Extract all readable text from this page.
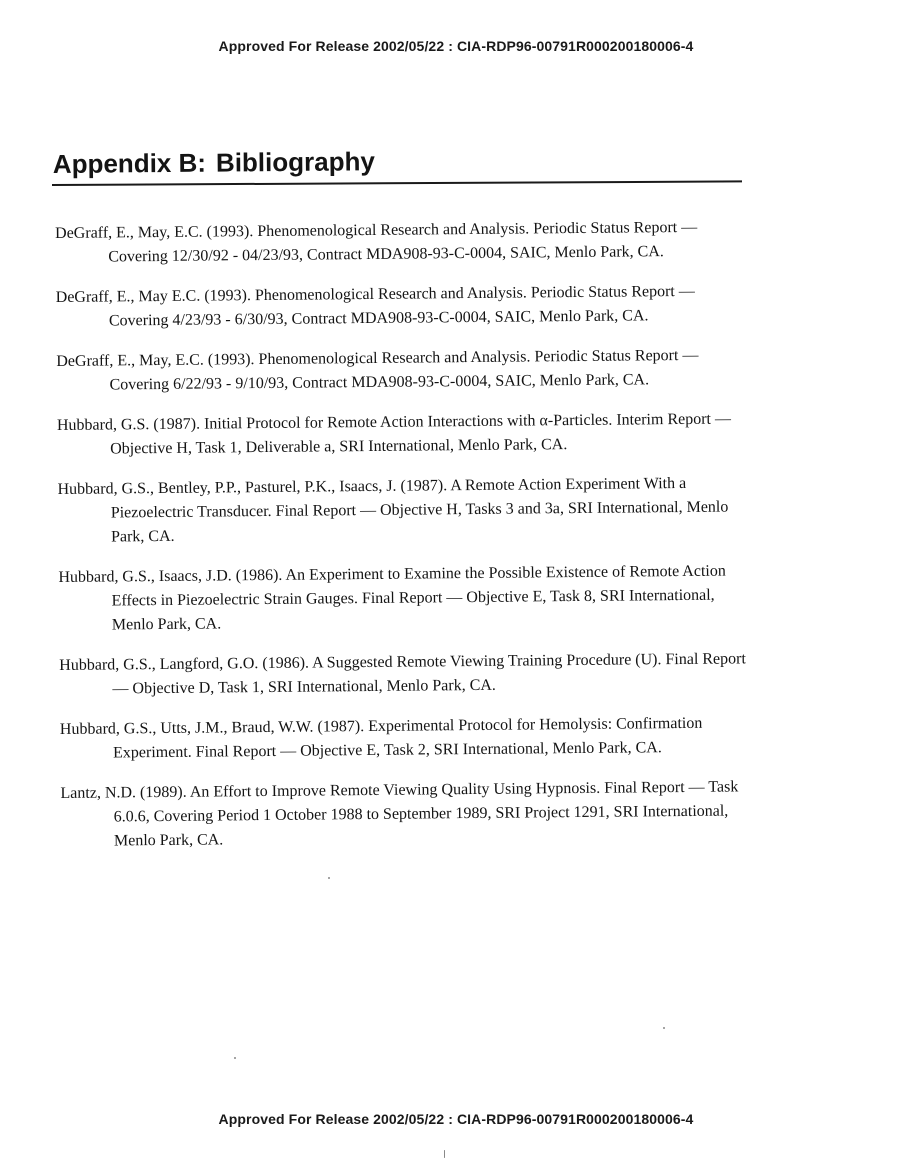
Approved For Release 2002/05/22 : CIA-RDP96-00791R000200180006-4
Appendix B: Bibliography
DeGraff, E., May, E.C. (1993). Phenomenological Research and Analysis. Periodic Status Report — Covering 12/30/92 - 04/23/93, Contract MDA908-93-C-0004, SAIC, Menlo Park, CA.
DeGraff, E., May E.C. (1993). Phenomenological Research and Analysis. Periodic Status Report — Covering 4/23/93 - 6/30/93, Contract MDA908-93-C-0004, SAIC, Menlo Park, CA.
DeGraff, E., May, E.C. (1993). Phenomenological Research and Analysis. Periodic Status Report — Covering 6/22/93 - 9/10/93, Contract MDA908-93-C-0004, SAIC, Menlo Park, CA.
Hubbard, G.S. (1987). Initial Protocol for Remote Action Interactions with α-Particles. Interim Report — Objective H, Task 1, Deliverable a, SRI International, Menlo Park, CA.
Hubbard, G.S., Bentley, P.P., Pasturel, P.K., Isaacs, J. (1987). A Remote Action Experiment With a Piezoelectric Transducer. Final Report — Objective H, Tasks 3 and 3a, SRI International, Menlo Park, CA.
Hubbard, G.S., Isaacs, J.D. (1986). An Experiment to Examine the Possible Existence of Remote Action Effects in Piezoelectric Strain Gauges. Final Report — Objective E, Task 8, SRI International, Menlo Park, CA.
Hubbard, G.S., Langford, G.O. (1986). A Suggested Remote Viewing Training Procedure (U). Final Report — Objective D, Task 1, SRI International, Menlo Park, CA.
Hubbard, G.S., Utts, J.M., Braud, W.W. (1987). Experimental Protocol for Hemolysis: Confirmation Experiment. Final Report — Objective E, Task 2, SRI International, Menlo Park, CA.
Lantz, N.D. (1989). An Effort to Improve Remote Viewing Quality Using Hypnosis. Final Report — Task 6.0.6, Covering Period 1 October 1988 to September 1989, SRI Project 1291, SRI International, Menlo Park, CA.
Approved For Release 2002/05/22 : CIA-RDP96-00791R000200180006-4
